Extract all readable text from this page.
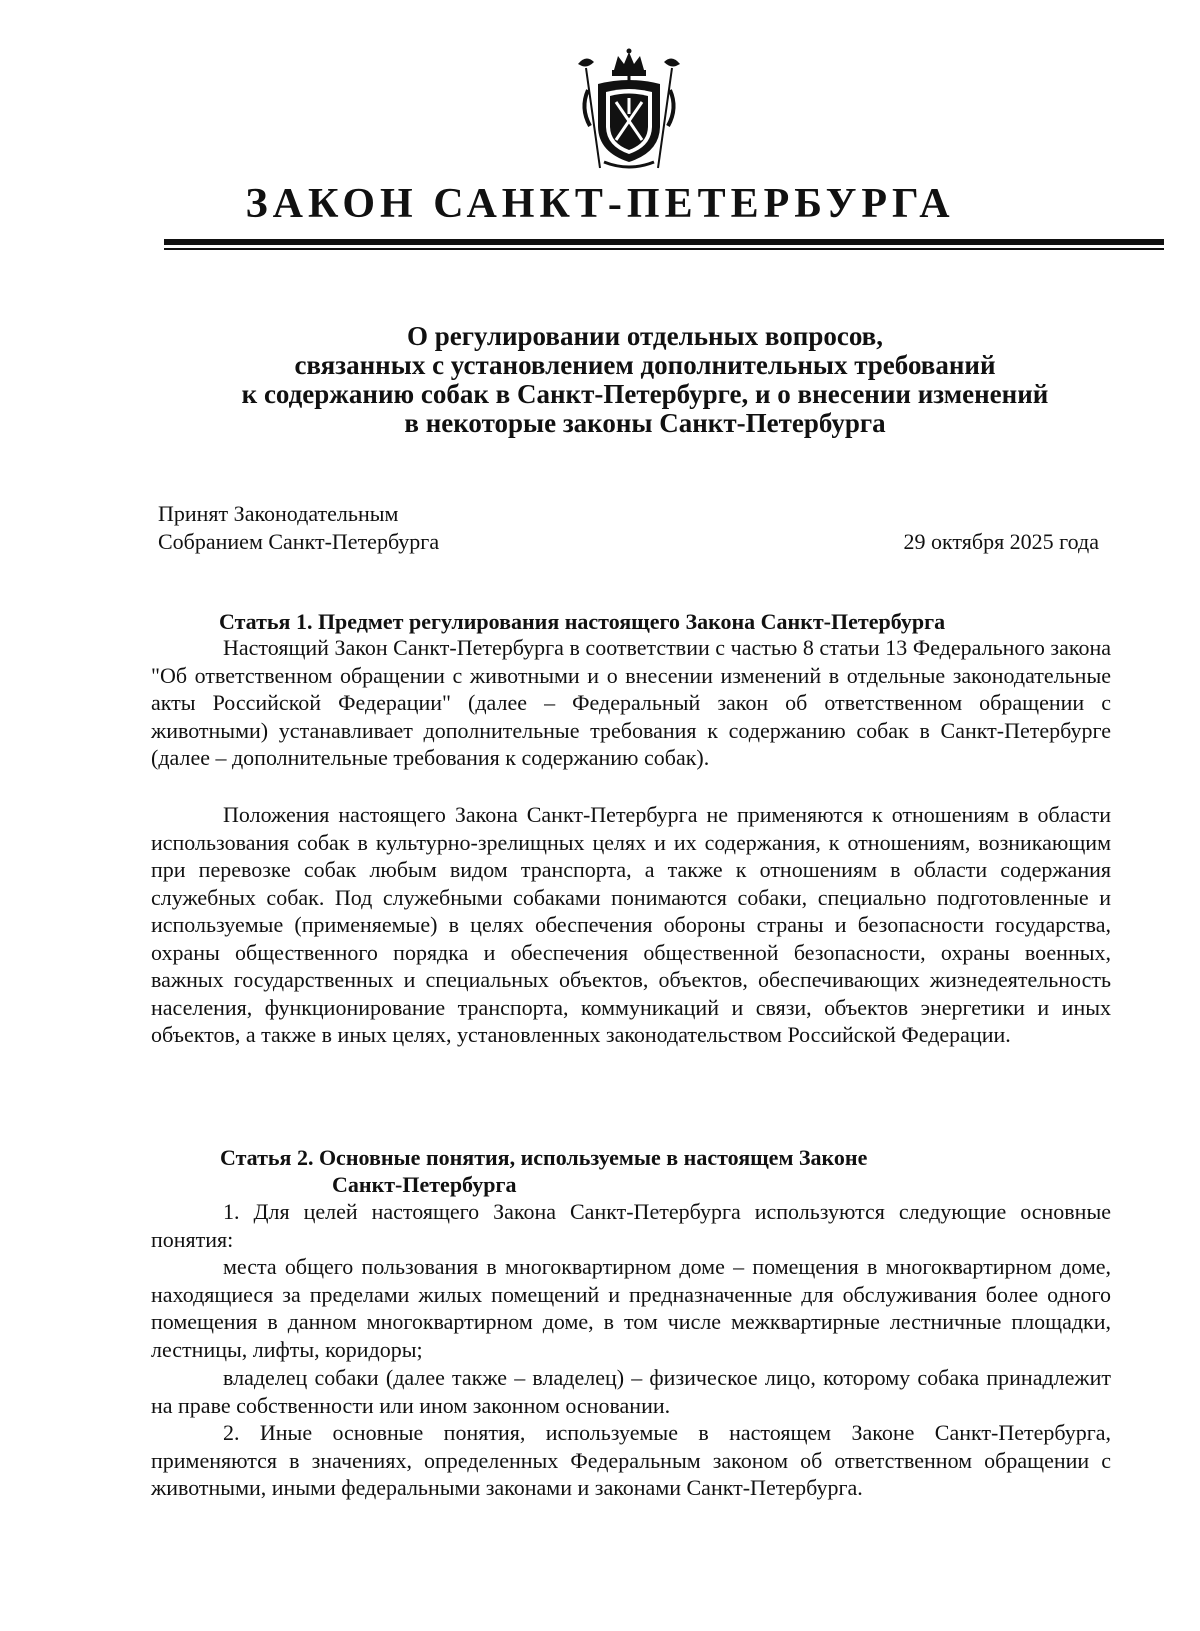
ЗАКОН САНКТ-ПЕТЕРБУРГА
О регулировании отдельных вопросов,
связанных с установлением дополнительных требований
к содержанию собак в Санкт-Петербурге, и о внесении изменений
в некоторые законы Санкт-Петербурга
Принят Законодательным
Собранием Санкт-Петербурга	29 октября 2025 года
Статья 1. Предмет регулирования настоящего Закона Санкт-Петербурга
Настоящий Закон Санкт-Петербурга в соответствии с частью 8 статьи 13 Федерального закона "Об ответственном обращении с животными и о внесении изменений в отдельные законодательные акты Российской Федерации" (далее – Федеральный закон об ответственном обращении с животными) устанавливает дополнительные требования к содержанию собак в Санкт-Петербурге (далее – дополнительные требования к содержанию собак).
Положения настоящего Закона Санкт-Петербурга не применяются к отношениям в области использования собак в культурно-зрелищных целях и их содержания, к отношениям, возникающим при перевозке собак любым видом транспорта, а также к отношениям в области содержания служебных собак. Под служебными собаками понимаются собаки, специально подготовленные и используемые (применяемые) в целях обеспечения обороны страны и безопасности государства, охраны общественного порядка и обеспечения общественной безопасности, охраны военных, важных государственных и специальных объектов, объектов, обеспечивающих жизнедеятельность населения, функционирование транспорта, коммуникаций и связи, объектов энергетики и иных объектов, а также в иных целях, установленных законодательством Российской Федерации.
Статья 2. Основные понятия, используемые в настоящем Законе
Санкт-Петербурга
1. Для целей настоящего Закона Санкт-Петербурга используются следующие основные понятия:
места общего пользования в многоквартирном доме – помещения в многоквартирном доме, находящиеся за пределами жилых помещений и предназначенные для обслуживания более одного помещения в данном многоквартирном доме, в том числе межквартирные лестничные площадки, лестницы, лифты, коридоры;
владелец собаки (далее также – владелец) – физическое лицо, которому собака принадлежит на праве собственности или ином законном основании.
2. Иные основные понятия, используемые в настоящем Законе Санкт-Петербурга, применяются в значениях, определенных Федеральным законом об ответственном обращении с животными, иными федеральными законами и законами Санкт-Петербурга.
